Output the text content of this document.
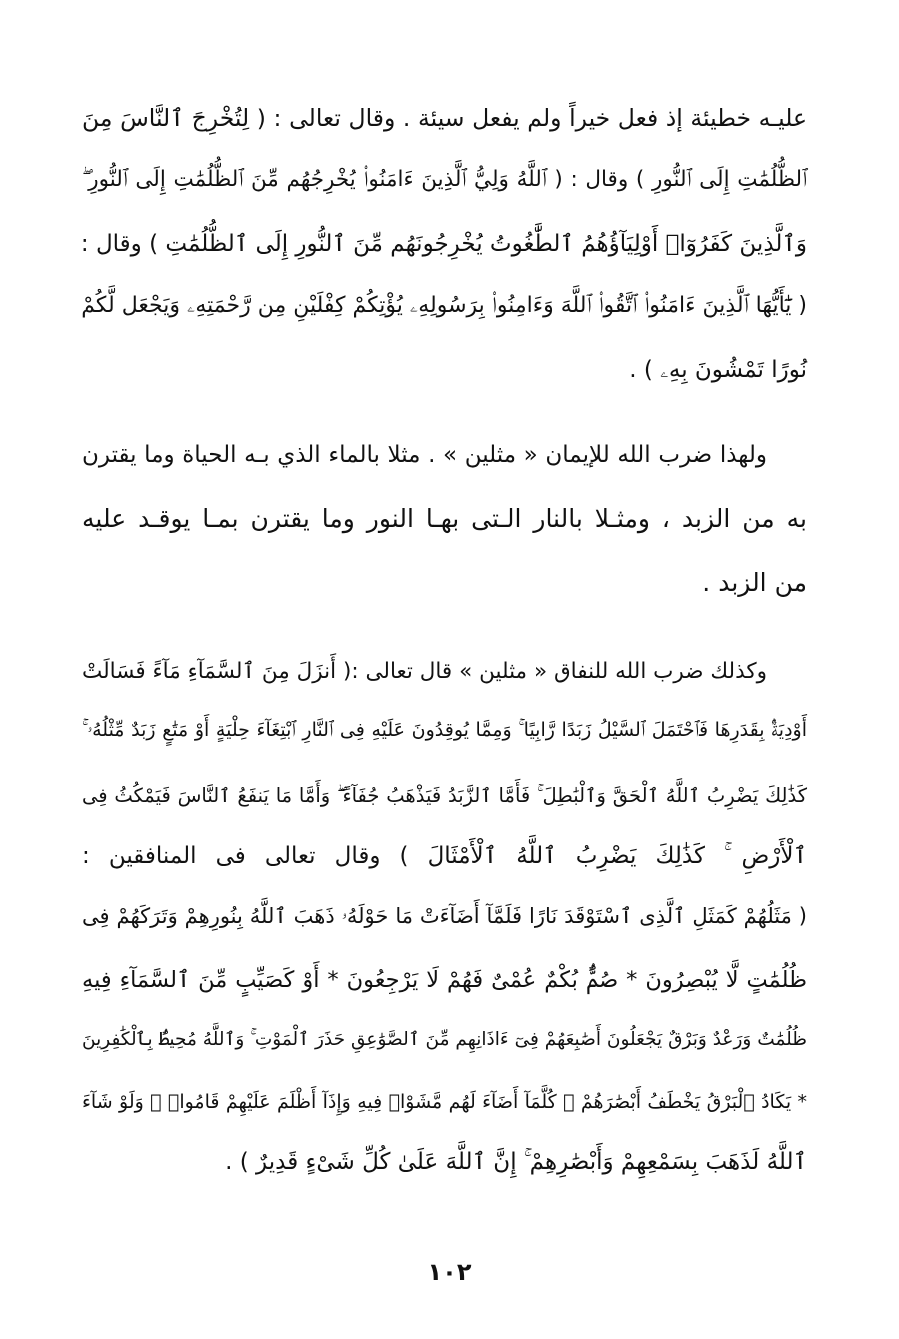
عليـه خطيئة إذ فعل خيراً ولم يفعل سيئة . وقال تعالى : ( لِتُخْرِجَ ٱلنَّاسَ مِنَ
ٱلظُّلُمَٰتِ إِلَى ٱلنُّورِ ) وقال : ( ٱللَّهُ وَلِيُّ ٱلَّذِينَ ءَامَنُوا۟ يُخْرِجُهُم مِّنَ ٱلظُّلُمَٰتِ إِلَى ٱلنُّورِ ۖ
وَٱلَّذِينَ كَفَرُوٓا۟ أَوْلِيَآؤُهُمُ ٱلطَّٰغُوتُ يُخْرِجُونَهُم مِّنَ ٱلنُّورِ إِلَى ٱلظُّلُمَٰتِ ) وقال :
( يَٰٓأَيُّهَا ٱلَّذِينَ ءَامَنُوا۟ ٱتَّقُوا۟ ٱللَّهَ وَءَامِنُوا۟ بِرَسُولِهِۦ يُؤْتِكُمْ كِفْلَيْنِ مِن رَّحْمَتِهِۦ وَيَجْعَل لَّكُمْ
نُورًا تَمْشُونَ بِهِۦ ) .
ولهذا ضرب الله للإيمان « مثلين » . مثلا بالماء الذي بـه الحياة وما يقترن
به من الزبد ، ومثـلا بالنار الـتى بهـا النور وما يقترن بمـا يوقـد عليه
من الزبد .
وكذلك ضرب الله للنفاق « مثلين » قال تعالى :( أَنزَلَ مِنَ ٱلسَّمَآءِ مَآءً فَسَالَتْ
أَوْدِيَةٌۢ بِقَدَرِهَا فَٱحْتَمَلَ ٱلسَّيْلُ زَبَدًا رَّابِيًا ۚ وَمِمَّا يُوقِدُونَ عَلَيْهِ فِى ٱلنَّارِ ٱبْتِغَآءَ حِلْيَةٍ أَوْ مَتَٰعٍ زَبَدٌ مِّثْلُهُۥ ۚ
كَذَٰلِكَ يَضْرِبُ ٱللَّهُ ٱلْحَقَّ وَٱلْبَٰطِلَ ۚ فَأَمَّا ٱلزَّبَدُ فَيَذْهَبُ جُفَآءً ۖ وَأَمَّا مَا يَنفَعُ ٱلنَّاسَ فَيَمْكُثُ فِى
ٱلْأَرْضِ ۚ كَذَٰلِكَ يَضْرِبُ ٱللَّهُ ٱلْأَمْثَالَ ) وقال تعالى فى المنافقين :
( مَثَلُهُمْ كَمَثَلِ ٱلَّذِى ٱسْتَوْقَدَ نَارًا فَلَمَّآ أَضَآءَتْ مَا حَوْلَهُۥ ذَهَبَ ٱللَّهُ بِنُورِهِمْ وَتَرَكَهُمْ فِى
ظُلُمَٰتٍ لَّا يُبْصِرُونَ * صُمٌّۢ بُكْمٌ عُمْىٌ فَهُمْ لَا يَرْجِعُونَ * أَوْ كَصَيِّبٍ مِّنَ ٱلسَّمَآءِ فِيهِ
ظُلُمَٰتٌ وَرَعْدٌ وَبَرْقٌ يَجْعَلُونَ أَصَٰبِعَهُمْ فِىٓ ءَاذَانِهِم مِّنَ ٱلصَّوَٰعِقِ حَذَرَ ٱلْمَوْتِ ۚ وَٱللَّهُ مُحِيطٌۢ بِٱلْكَٰفِرِينَ
* يَكَادُ ٱلْبَرْقُ يَخْطَفُ أَبْصَٰرَهُمْ ۖ كُلَّمَآ أَضَآءَ لَهُم مَّشَوْا۟ فِيهِ وَإِذَآ أَظْلَمَ عَلَيْهِمْ قَامُوا۟ ۚ وَلَوْ شَآءَ
ٱللَّهُ لَذَهَبَ بِسَمْعِهِمْ وَأَبْصَٰرِهِمْ ۚ إِنَّ ٱللَّهَ عَلَىٰ كُلِّ شَىْءٍ قَدِيرٌ ) .
١٠٢
